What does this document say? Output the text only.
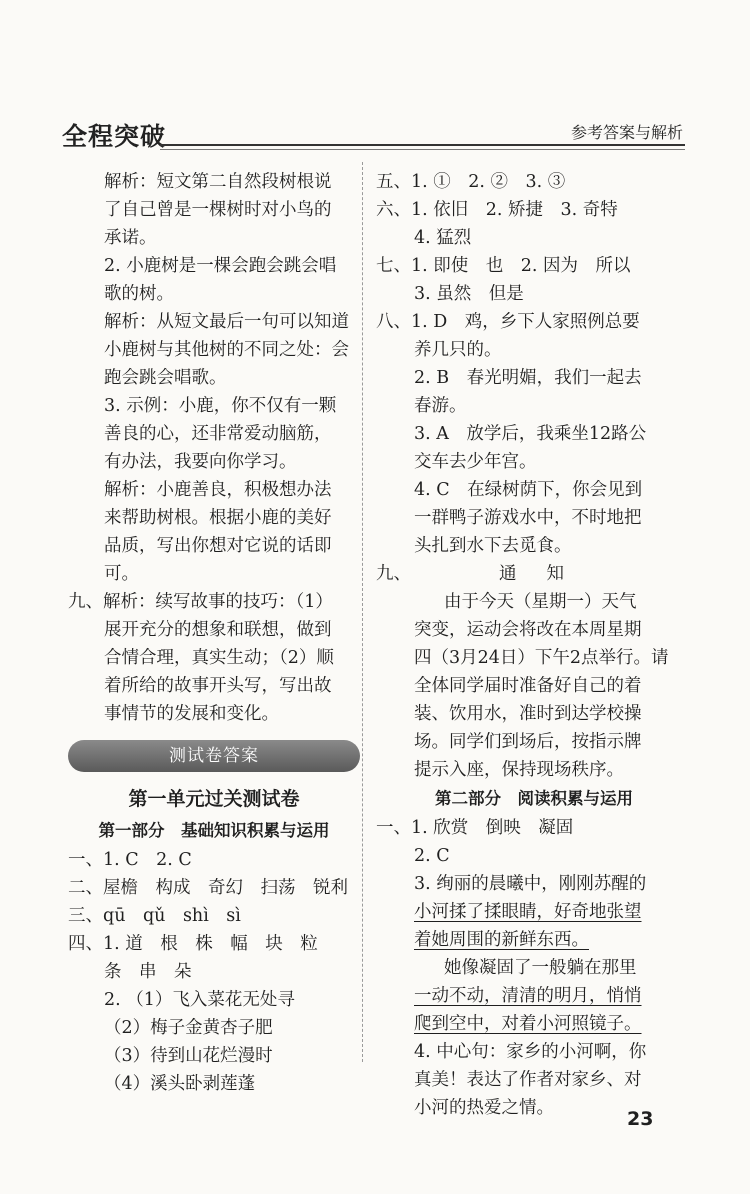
全程突破	参考答案与解析
解析：短文第二自然段树根说
了自己曾是一棵树时对小鸟的
承诺。
2. 小鹿树是一棵会跑会跳会唱
歌的树。
解析：从短文最后一句可以知道
小鹿树与其他树的不同之处：会
跑会跳会唱歌。
3. 示例：小鹿，你不仅有一颗
善良的心，还非常爱动脑筋，
有办法，我要向你学习。
解析：小鹿善良，积极想办法
来帮助树根。根据小鹿的美好
品质，写出你想对它说的话即
可。
九、解析：续写故事的技巧：（1）
展开充分的想象和联想，做到
合情合理，真实生动；（2）顺
着所给的故事开头写，写出故
事情节的发展和变化。
测试卷答案
第一单元过关测试卷
第一部分　基础知识积累与运用
一、1. C　2. C
二、屋檐　构成　奇幻　扫荡　锐利
三、qū　qǔ　shì　sì
四、1. 道　根　株　幅　块　粒
条　串　朵
2. （1）飞入菜花无处寻
（2）梅子金黄杏子肥
（3）待到山花烂漫时
（4）溪头卧剥莲蓬
五、1. ①　2. ②　3. ③
六、1. 依旧　2. 矫捷　3. 奇特
4. 猛烈
七、1. 即使　也　2. 因为　所以
3. 虽然　但是
八、1. D　鸡，乡下人家照例总要
养几只的。
2. B　春光明媚，我们一起去
春游。
3. A　放学后，我乘坐12路公
交车去少年宫。
4. C　在绿树荫下，你会见到
一群鸭子游戏水中，不时地把
头扎到水下去觅食。
九、	通 知
由于今天（星期一）天气
突变，运动会将改在本周星期
四（3月24日）下午2点举行。请
全体同学届时准备好自己的着
装、饮用水，准时到达学校操
场。同学们到场后，按指示牌
提示入座，保持现场秩序。
第二部分　阅读积累与运用
一、1. 欣赏　倒映　凝固
2. C
3. 绚丽的晨曦中，刚刚苏醒的
小河揉了揉眼睛，好奇地张望
着她周围的新鲜东西。
她像凝固了一般躺在那里
一动不动，清清的明月，悄悄
爬到空中，对着小河照镜子。
4. 中心句：家乡的小河啊，你
真美！表达了作者对家乡、对
小河的热爱之情。	23
